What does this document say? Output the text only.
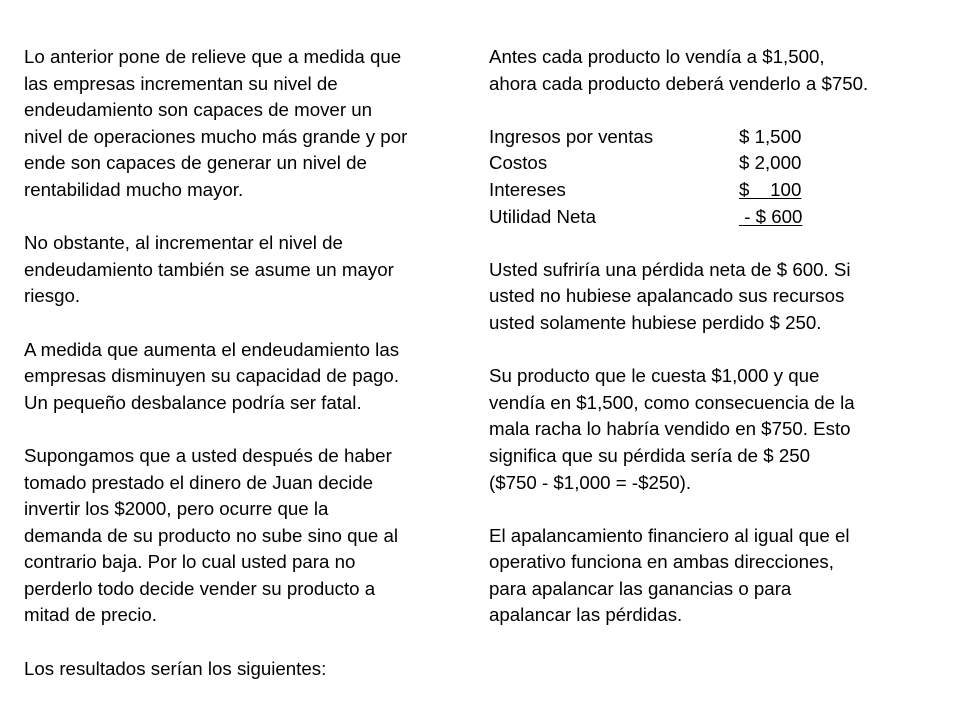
Lo anterior pone de relieve que a medida que
las empresas incrementan su nivel de
endeudamiento son capaces de mover un
nivel de operaciones mucho más grande y por
ende son capaces de generar un nivel de
rentabilidad mucho mayor.

No obstante, al incrementar el nivel de
endeudamiento también se asume un mayor
riesgo.

A medida que aumenta el endeudamiento las
empresas disminuyen su capacidad de pago.
Un pequeño desbalance podría ser fatal.

Supongamos que a usted después de haber
tomado prestado el dinero de Juan decide
invertir los $2000, pero ocurre que la
demanda de su producto no sube sino que al
contrario baja. Por lo cual usted para no
perderlo todo decide vender su producto a
mitad de precio.

Los resultados serían los siguientes:

Antes cada producto lo vendía a $1,500,
ahora cada producto deberá venderlo a $750.

Ingresos por ventas	$ 1,500
Costos	$ 2,000
Intereses	$    100
Utilidad Neta	- $ 600

Usted sufriría una pérdida neta de $ 600. Si
usted no hubiese apalancado sus recursos
usted solamente hubiese perdido $ 250.

Su producto que le cuesta $1,000 y que
vendía en $1,500, como consecuencia de la
mala racha lo habría vendido en $750. Esto
significa que su pérdida sería de $ 250
($750 - $1,000 = -$250).

El apalancamiento financiero al igual que el
operativo funciona en ambas direcciones,
para apalancar las ganancias o para
apalancar las pérdidas.
